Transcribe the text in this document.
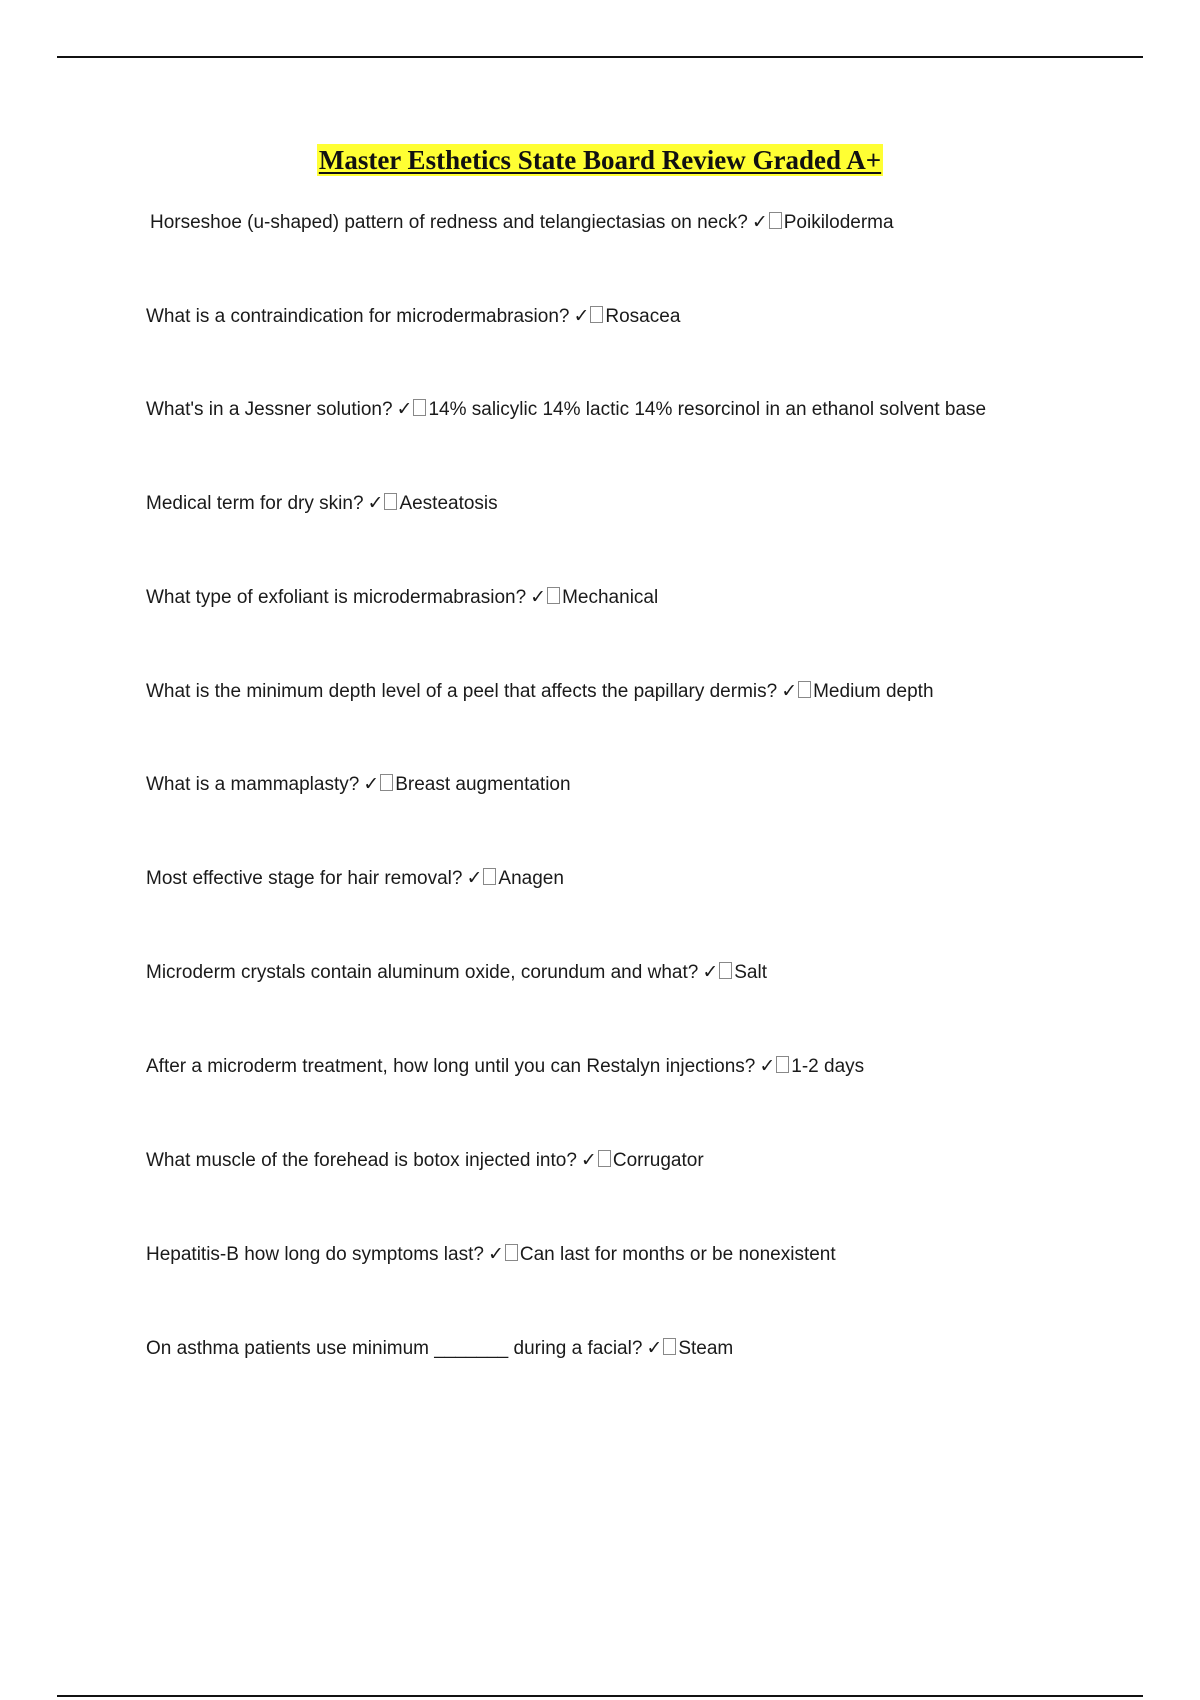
Master Esthetics State Board Review Graded A+
Horseshoe (u-shaped) pattern of redness and telangiectasias on neck? ✓ Poikiloderma
What is a contraindication for microdermabrasion? ✓ Rosacea
What's in a Jessner solution? ✓ 14% salicylic 14% lactic 14% resorcinol in an ethanol solvent base
Medical term for dry skin? ✓ Aesteatosis
What type of exfoliant is microdermabrasion? ✓ Mechanical
What is the minimum depth level of a peel that affects the papillary dermis? ✓ Medium depth
What is a mammaplasty? ✓ Breast augmentation
Most effective stage for hair removal? ✓ Anagen
Microderm crystals contain aluminum oxide, corundum and what? ✓ Salt
After a microderm treatment, how long until you can Restalyn injections? ✓ 1-2 days
What muscle of the forehead is botox injected into? ✓ Corrugator
Hepatitis-B how long do symptoms last? ✓ Can last for months or be nonexistent
On asthma patients use minimum _______ during a facial? ✓ Steam
